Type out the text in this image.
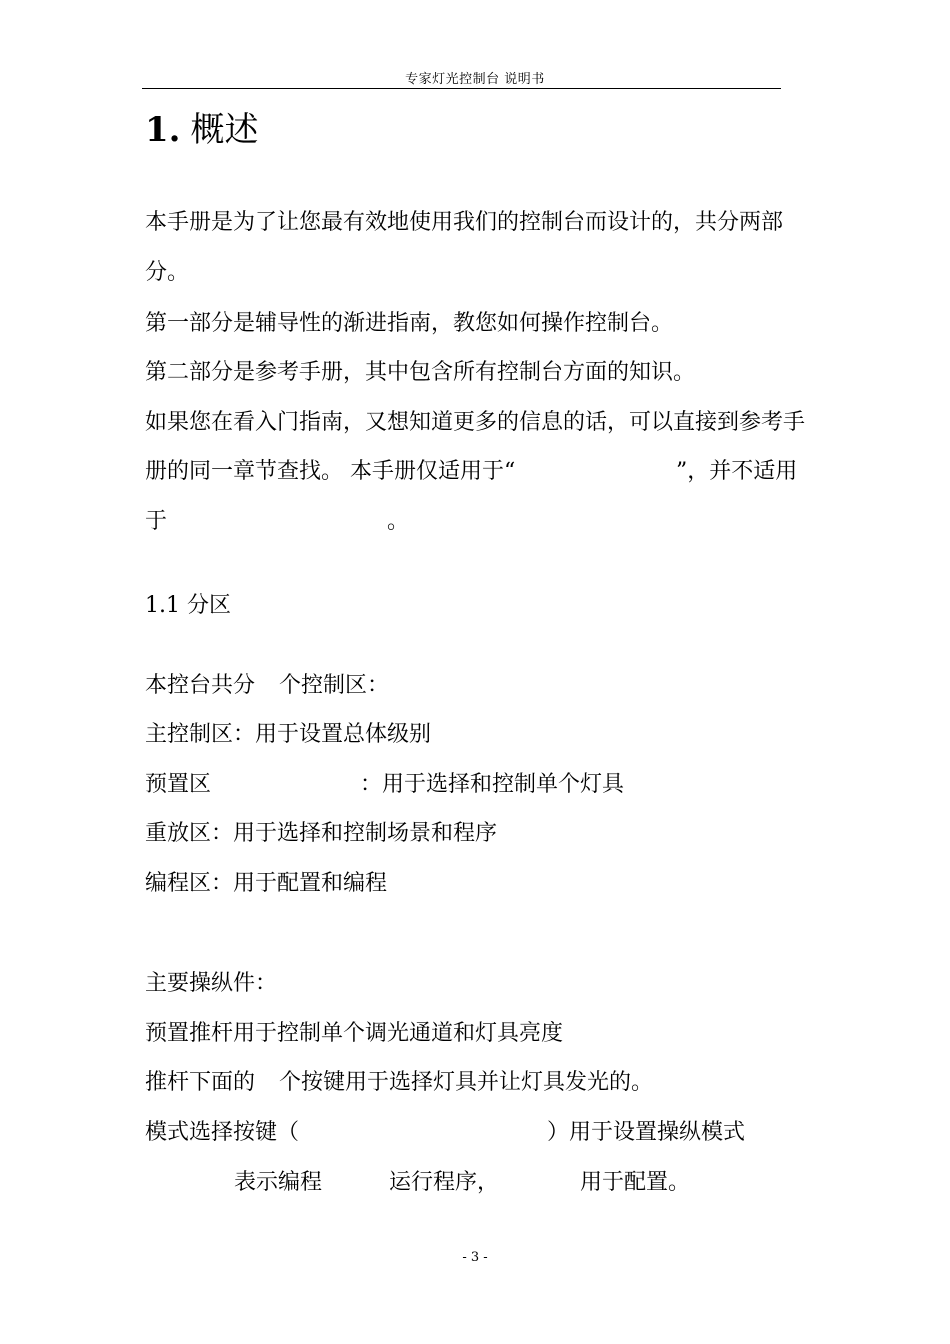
专家灯光控制台 说明书
1. 概述
本手册是为了让您最有效地使用我们的控制台而设计的，共分两部
分。
第一部分是辅导性的渐进指南，教您如何操作控制台。
第二部分是参考手册，其中包含所有控制台方面的知识。
如果您在看入门指南，又想知道更多的信息的话，可以直接到参考手
册的同一章节查找。 本手册仅适用于“	”，并不适用
于	。
1.1 分区
本控台共分 个控制区：
主控制区：用于设置总体级别
预置区	：用于选择和控制单个灯具
重放区：用于选择和控制场景和程序
编程区：用于配置和编程
主要操纵件：
预置推杆用于控制单个调光通道和灯具亮度
推杆下面的 个按键用于选择灯具并让灯具发光的。
模式选择按键（	）用于设置操纵模式
表示编程	运行程序，	用于配置。
- 3 -
